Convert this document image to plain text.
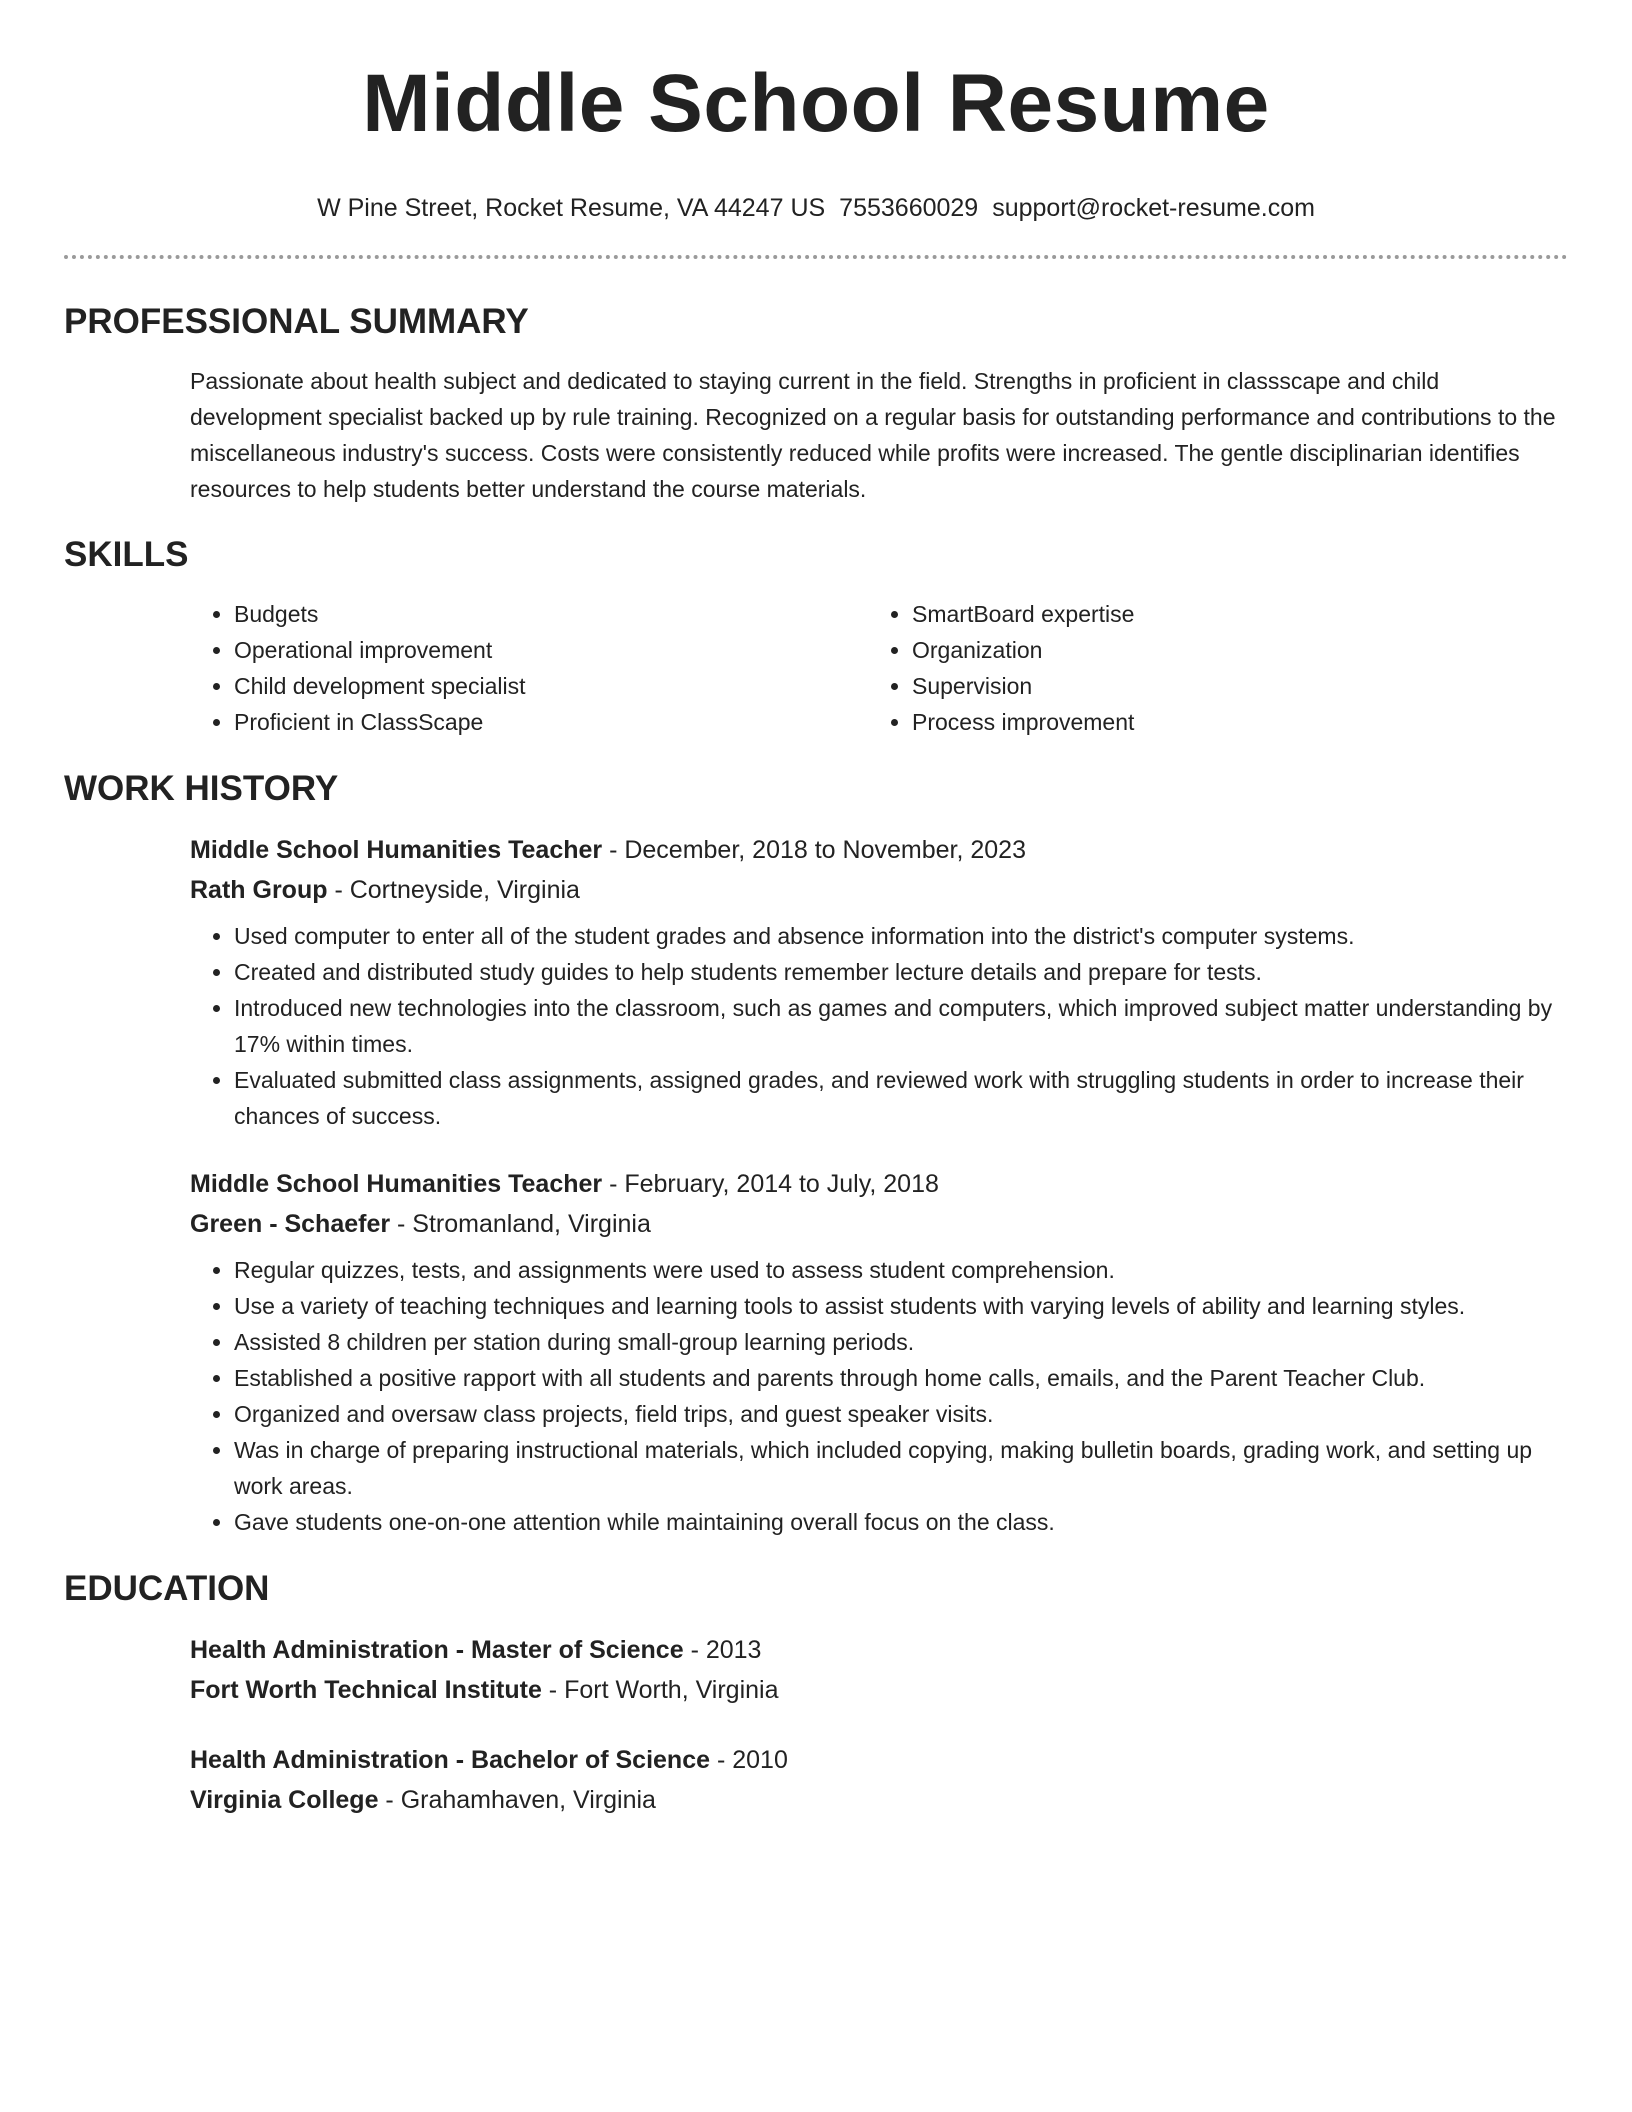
Middle School Resume
W Pine Street, Rocket Resume, VA 44247 US 7553660029 support@rocket-resume.com
PROFESSIONAL SUMMARY

Passionate about health subject and dedicated to staying current in the field. Strengths in proficient in classscape and child development specialist backed up by rule training. Recognized on a regular basis for outstanding performance and contributions to the miscellaneous industry's success. Costs were consistently reduced while profits were increased. The gentle disciplinarian identifies resources to help students better understand the course materials.

SKILLS
• Budgets
• Operational improvement
• Child development specialist
• Proficient in ClassScape
• SmartBoard expertise
• Organization
• Supervision
• Process improvement
WORK HISTORY

Middle School Humanities Teacher - December, 2018 to November, 2023

Rath Group - Cortneyside, Virginia

• Used computer to enter all of the student grades and absence information into the district's computer systems.
• Created and distributed study guides to help students remember lecture details and prepare for tests.
• Introduced new technologies into the classroom, such as games and computers, which improved subject matter understanding by 17% within times.
• Evaluated submitted class assignments, assigned grades, and reviewed work with struggling students in order to increase their chances of success.

Middle School Humanities Teacher - February, 2014 to July, 2018

Green - Schaefer - Stromanland, Virginia

• Regular quizzes, tests, and assignments were used to assess student comprehension.
• Use a variety of teaching techniques and learning tools to assist students with varying levels of ability and learning styles.
• Assisted 8 children per station during small-group learning periods.
• Established a positive rapport with all students and parents through home calls, emails, and the Parent Teacher Club.
• Organized and oversaw class projects, field trips, and guest speaker visits.
• Was in charge of preparing instructional materials, which included copying, making bulletin boards, grading work, and setting up work areas.
• Gave students one-on-one attention while maintaining overall focus on the class.
EDUCATION

Health Administration - Master of Science - 2013

Fort Worth Technical Institute - Fort Worth, Virginia

Health Administration - Bachelor of Science - 2010

Virginia College - Grahamhaven, Virginia
